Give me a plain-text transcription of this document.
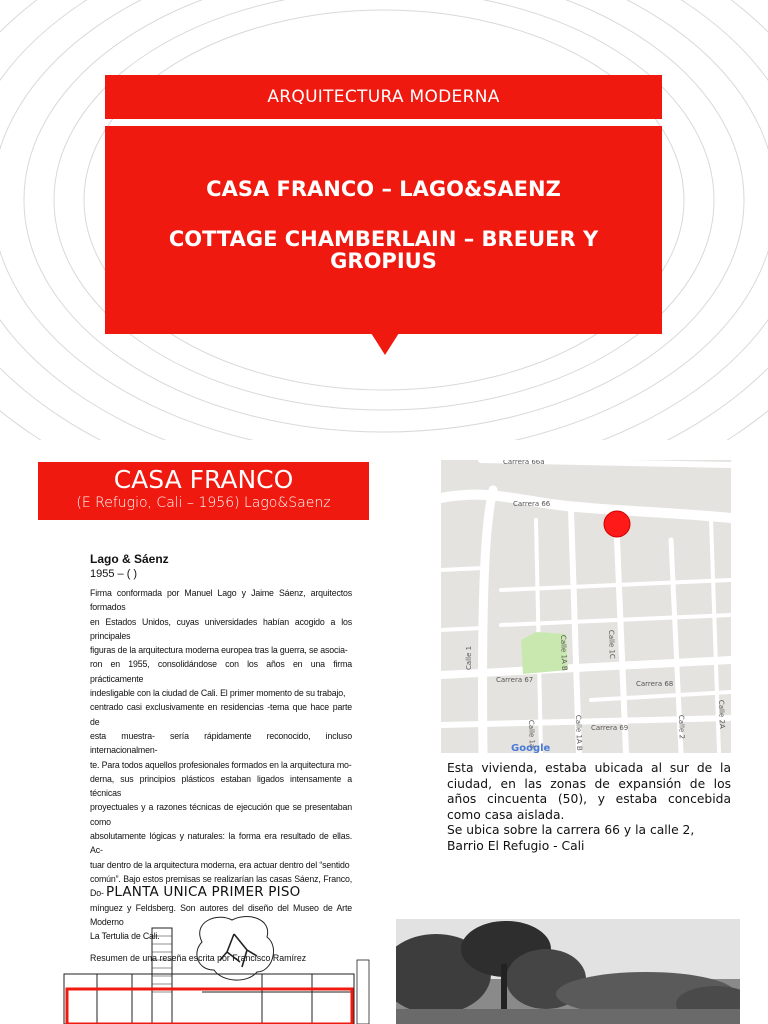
ARQUITECTURA MODERNA
CASA FRANCO – LAGO&SAENZ
COTTAGE CHAMBERLAIN – BREUER Y
GROPIUS
CASA FRANCO
(E Refugio, Cali – 1956) Lago&Saenz
Lago & Sáenz
1955 – ( )
Firma conformada por Manuel Lago y Jaime Sáenz, arquitectos formados
en Estados Unidos, cuyas universidades habían acogido a los principales
figuras de la arquitectura moderna europea tras la guerra, se asocia-
ron en 1955, consolidándose con los años en una firma prácticamente
indesligable con la ciudad de Cali. El primer momento de su trabajo,
centrado casi exclusivamente en residencias -tema que hace parte de
esta muestra- sería rápidamente reconocido, incluso internacionalmen-
te. Para todos aquellos profesionales formados en la arquitectura mo-
derna, sus principios plásticos estaban ligados intensamente a técnicas
proyectuales y a razones técnicas de ejecución que se presentaban como
absolutamente lógicas y naturales: la forma era resultado de ellas. Ac-
tuar dentro de la arquitectura moderna, era actuar dentro del “sentido
común”. Bajo estos premisas se realizarían las casas Sáenz, Franco, Do-
mínguez y Feldsberg. Son autores del diseño del Museo de Arte Moderno
La Tertulia de Cali.
Resumen de una reseña escrita por Francisco Ramírez
Carrera 66
Carrera 66a
Calle 1	Calle 1C
Calle 1A B
Carrera 67
Calle 1a
Carrera 68
Carrera 69
Calle 1A B	Calle 2	Calle 2A
Google
Esta vivienda, estaba ubicada al sur de la ciudad, en las zonas de expansión de los años cincuenta (50), y estaba concebida como casa aislada.
Se ubica sobre la carrera 66 y la calle 2,
Barrio El Refugio - Cali
PLANTA UNICA PRIMER PISO
